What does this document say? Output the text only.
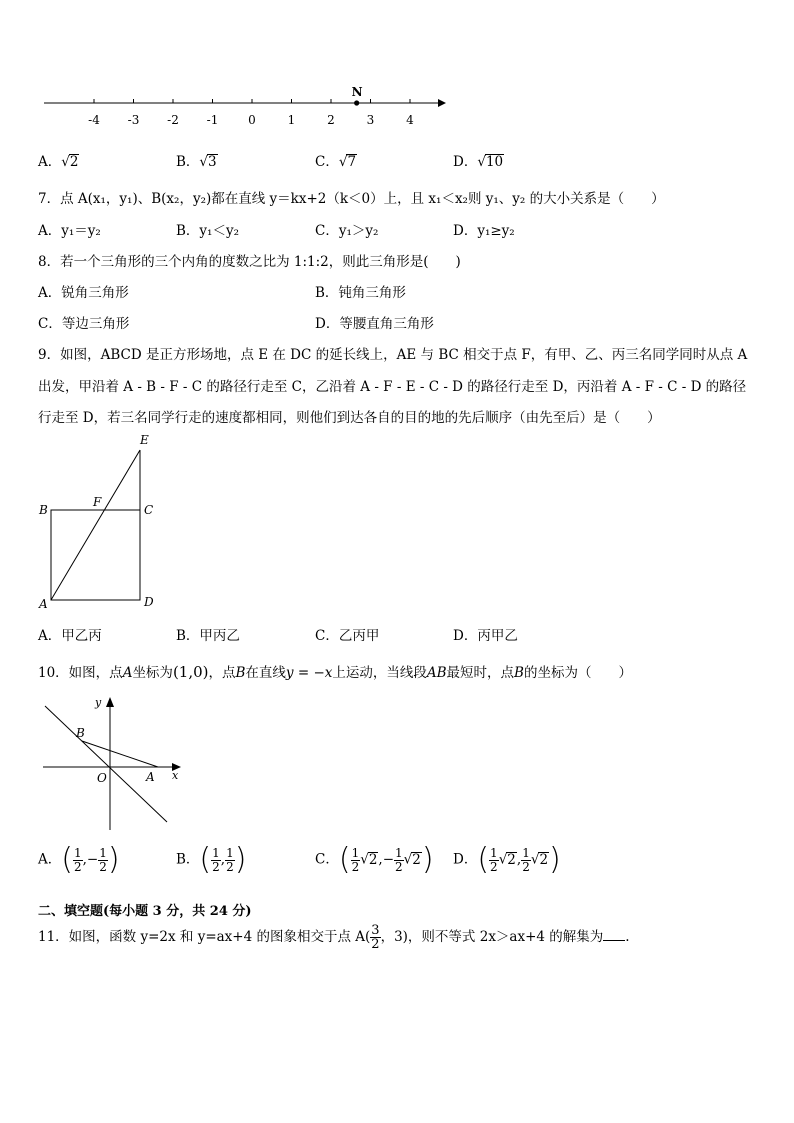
-4 -3 -2 -1 0	1	2	3	4
N
A．√2	B．√3	C．√7	D．√10
7．点 A(x₁，y₁)、B(x₂，y₂)都在直线 y＝kx+2（k＜0）上，且 x₁＜x₂则 y₁、y₂ 的大小关系是（　　）
A．y₁＝y₂	B．y₁＜y₂	C．y₁＞y₂	D．y₁≥y₂
8．若一个三角形的三个内角的度数之比为 1:1:2，则此三角形是(　　)
A．锐角三角形	B．钝角三角形
C．等边三角形	D．等腰直角三角形
9．如图，ABCD 是正方形场地，点 E 在 DC 的延长线上，AE 与 BC 相交于点 F，有甲、乙、丙三名同学同时从点 A
出发，甲沿着 A - B - F - C 的路径行走至 C，乙沿着 A - F - E - C - D 的路径行走至 D，丙沿着 A - F - C - D 的路径
行走至 D，若三名同学行走的速度都相同，则他们到达各自的目的地的先后顺序（由先至后）是（　　）
E
B
F
C
A	D
A．甲乙丙	B．甲丙乙	C．乙丙甲	D．丙甲乙
10．如图，点A坐标为(1,0)，点B在直线y = −x上运动，当线段AB最短时，点B的坐标为（　　）
y
B
O	A x
A．( $\frac{1}{2}$ ,− $\frac{1}{2}$ )	B．( $\frac{1}{2}$ , $\frac{1}{2}$ )	C．( $\frac{1}{2} √2,- \frac{1}{2} √2$) D．( $\frac{1}{2} √2$, $\frac{1}{2} √2$)
二、填空题(每小题 3 分，共 24 分)
11．如图，函数 y=2x 和 y=ax+4 的图象相交于点 $A( \frac{3}{2}$ ，3)，则不等式 2x＞ax+4 的解集为 .
